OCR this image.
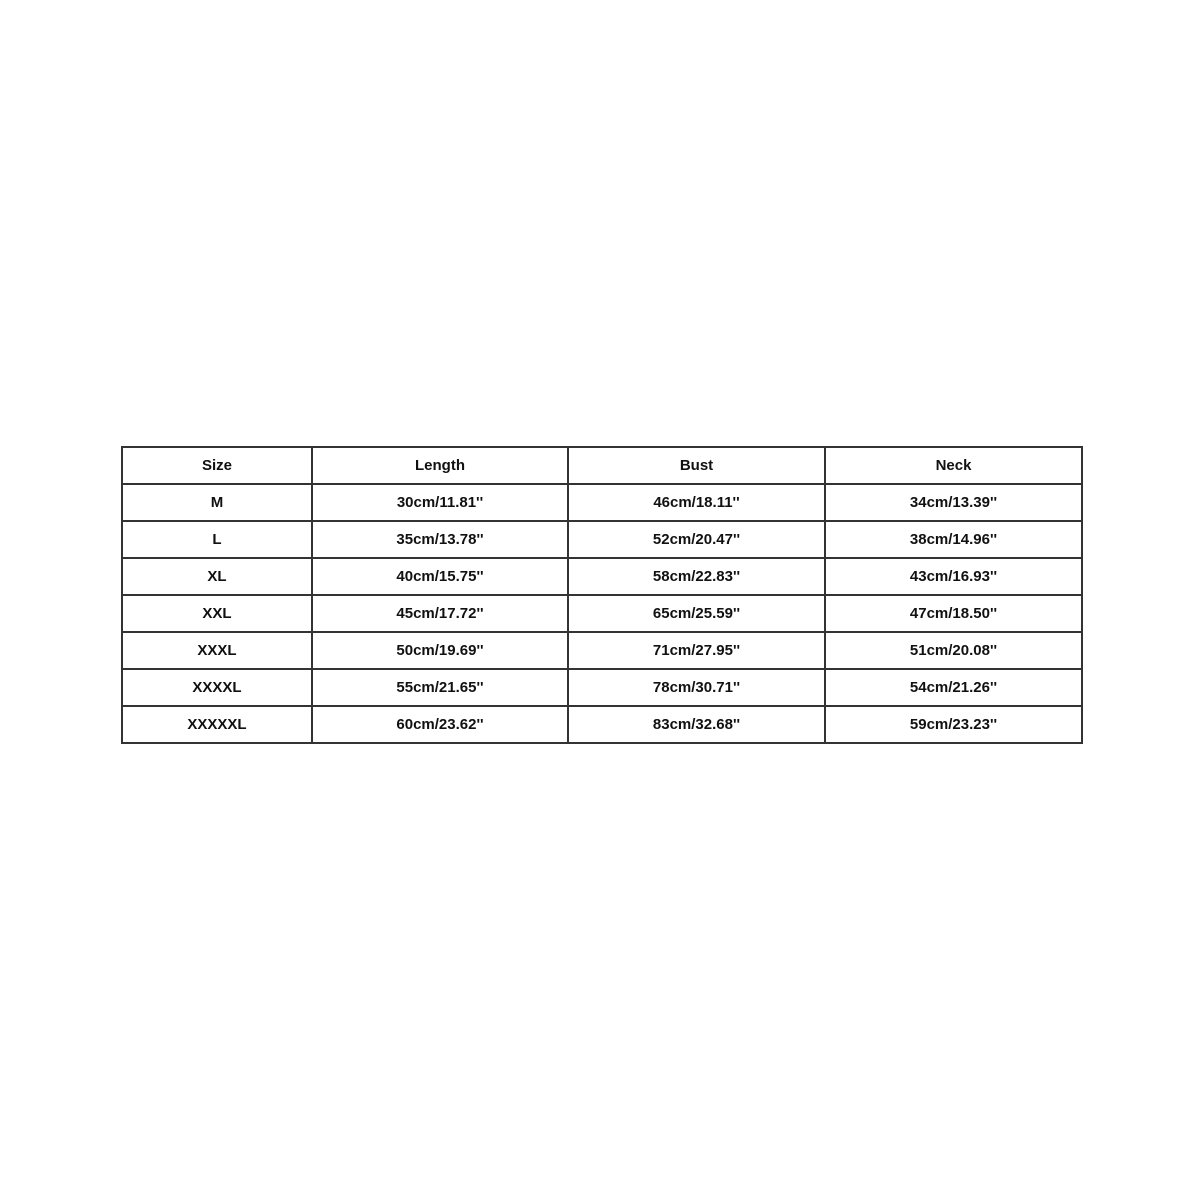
Size	Length	Bust	Neck
M	30cm/11.81''	46cm/18.11''	34cm/13.39''
L	35cm/13.78''	52cm/20.47''	38cm/14.96''
XL	40cm/15.75''	58cm/22.83''	43cm/16.93''
XXL	45cm/17.72''	65cm/25.59''	47cm/18.50''
XXXL	50cm/19.69''	71cm/27.95''	51cm/20.08''
XXXXL	55cm/21.65''	78cm/30.71''	54cm/21.26''
XXXXXL	60cm/23.62''	83cm/32.68''	59cm/23.23''
